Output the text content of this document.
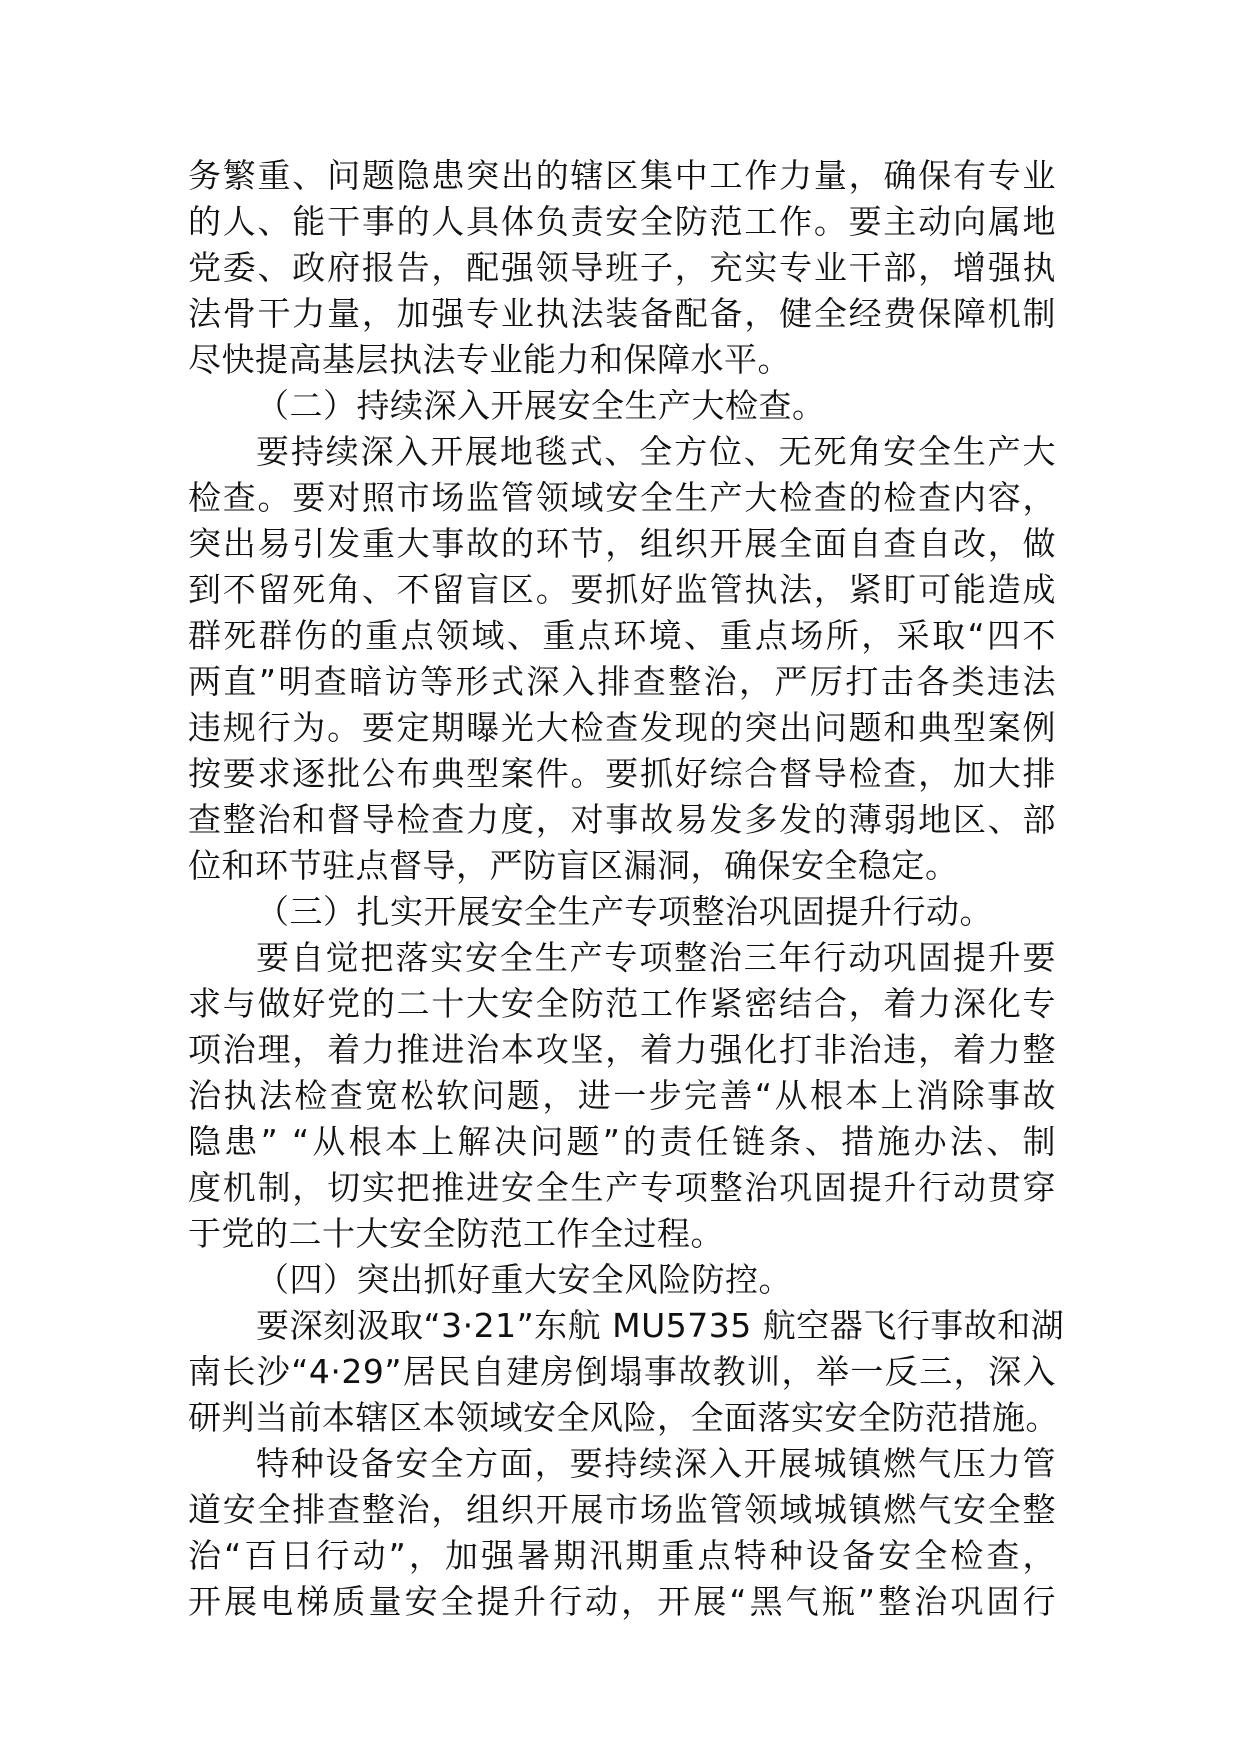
务繁重、问题隐患突出的辖区集中工作力量，确保有专业
的人、能干事的人具体负责安全防范工作。要主动向属地
党委、政府报告，配强领导班子，充实专业干部，增强执
法骨干力量，加强专业执法装备配备，健全经费保障机制
尽快提高基层执法专业能力和保障水平。
（二）持续深入开展安全生产大检查。
要持续深入开展地毯式、全方位、无死角安全生产大
检查。要对照市场监管领域安全生产大检查的检查内容，
突出易引发重大事故的环节，组织开展全面自查自改，做
到不留死角、不留盲区。要抓好监管执法，紧盯可能造成
群死群伤的重点领域、重点环境、重点场所，采取“四不
两直”明查暗访等形式深入排查整治，严厉打击各类违法
违规行为。要定期曝光大检查发现的突出问题和典型案例
按要求逐批公布典型案件。要抓好综合督导检查，加大排
查整治和督导检查力度，对事故易发多发的薄弱地区、部
位和环节驻点督导，严防盲区漏洞，确保安全稳定。
（三）扎实开展安全生产专项整治巩固提升行动。
要自觉把落实安全生产专项整治三年行动巩固提升要
求与做好党的二十大安全防范工作紧密结合，着力深化专
项治理，着力推进治本攻坚，着力强化打非治违，着力整
治执法检查宽松软问题，进一步完善“从根本上消除事故
隐患” “从根本上解决问题”的责任链条、措施办法、制
度机制，切实把推进安全生产专项整治巩固提升行动贯穿
于党的二十大安全防范工作全过程。
（四）突出抓好重大安全风险防控。
要深刻汲取“3·21”东航 MU5735 航空器飞行事故和湖
南长沙“4·29”居民自建房倒塌事故教训，举一反三，深入
研判当前本辖区本领域安全风险，全面落实安全防范措施。
特种设备安全方面，要持续深入开展城镇燃气压力管
道安全排查整治，组织开展市场监管领域城镇燃气安全整
治“百日行动”，加强暑期汛期重点特种设备安全检查，
开展电梯质量安全提升行动，开展“黑气瓶”整治巩固行
